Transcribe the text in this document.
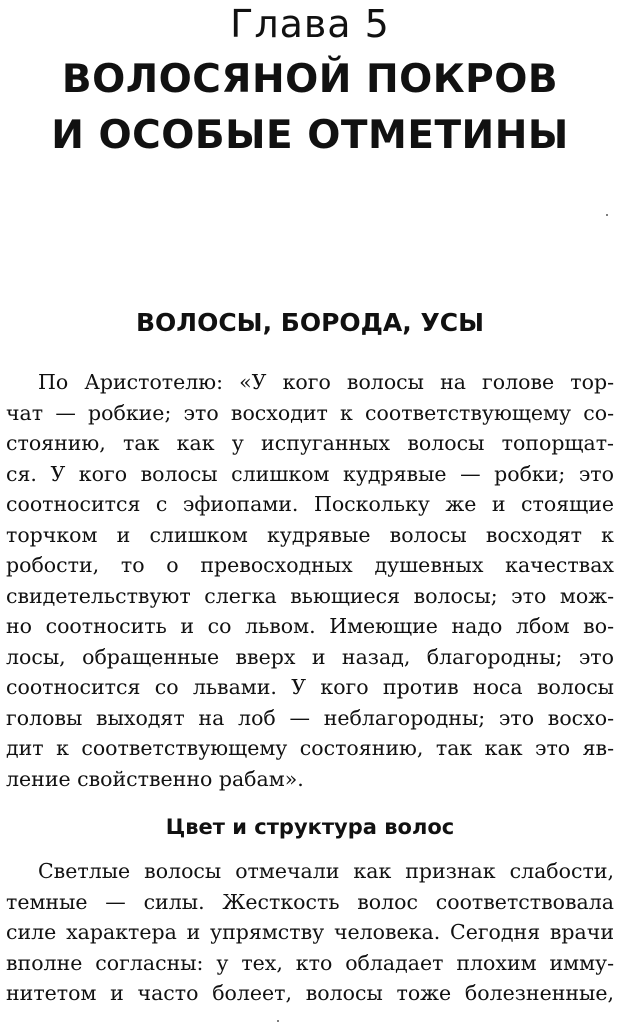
Глава 5
ВОЛОСЯНОЙ ПОКРОВ
И ОСОБЫЕ ОТМЕТИНЫ
ВОЛОСЫ, БОРОДА, УСЫ
По Аристотелю: «У кого волосы на голове тор-
чат — робкие; это восходит к соответствующему со-
стоянию, так как у испуганных волосы топорщат-
ся. У кого волосы слишком кудрявые — робки; это
соотносится с эфиопами. Поскольку же и стоящие
торчком и слишком кудрявые волосы восходят к
робости, то о превосходных душевных качествах
свидетельствуют слегка вьющиеся волосы; это мож-
но соотносить и со львом. Имеющие надо лбом во-
лосы, обращенные вверх и назад, благородны; это
соотносится со львами. У кого против носа волосы
головы выходят на лоб — неблагородны; это восхо-
дит к соответствующему состоянию, так как это яв-
ление свойственно рабам».
Цвет и структура волос
Светлые волосы отмечали как признак слабости,
темные — силы. Жесткость волос соответствовала
силе характера и упрямству человека. Сегодня врачи
вполне согласны: у тех, кто обладает плохим имму-
нитетом и часто болеет, волосы тоже болезненные,
